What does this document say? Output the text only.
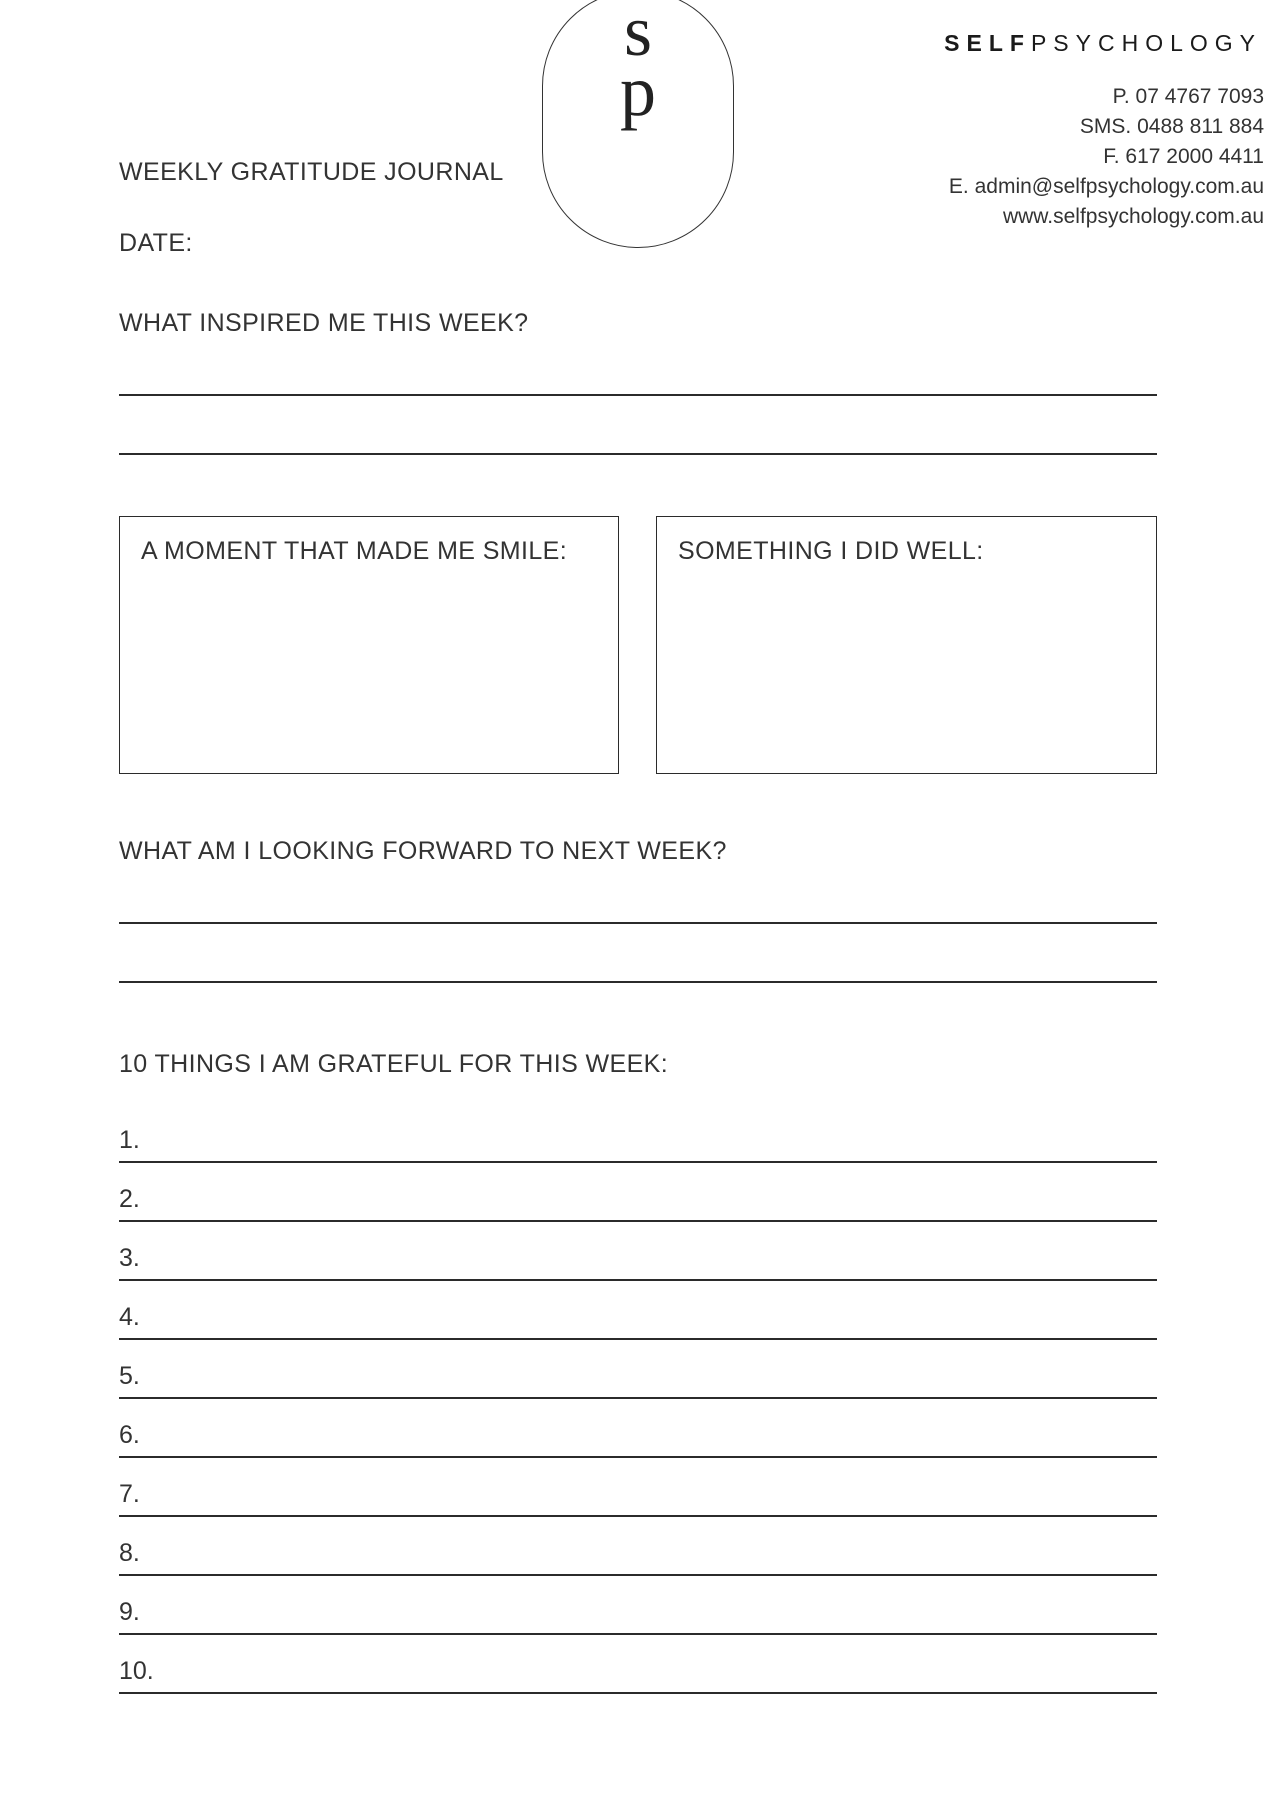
s
p
SELFPSYCHOLOGY
P. 07 4767 7093
SMS. 0488 811 884
F. 617 2000 4411
E. admin@selfpsychology.com.au
www.selfpsychology.com.au
WEEKLY GRATITUDE JOURNAL
DATE:
WHAT INSPIRED ME THIS WEEK?
A MOMENT THAT MADE ME SMILE:	SOMETHING I DID WELL:
WHAT AM I LOOKING FORWARD TO NEXT WEEK?
10 THINGS I AM GRATEFUL FOR THIS WEEK:
1.
2.
3.
4.
5.
6.
7.
8.
9.
10.
